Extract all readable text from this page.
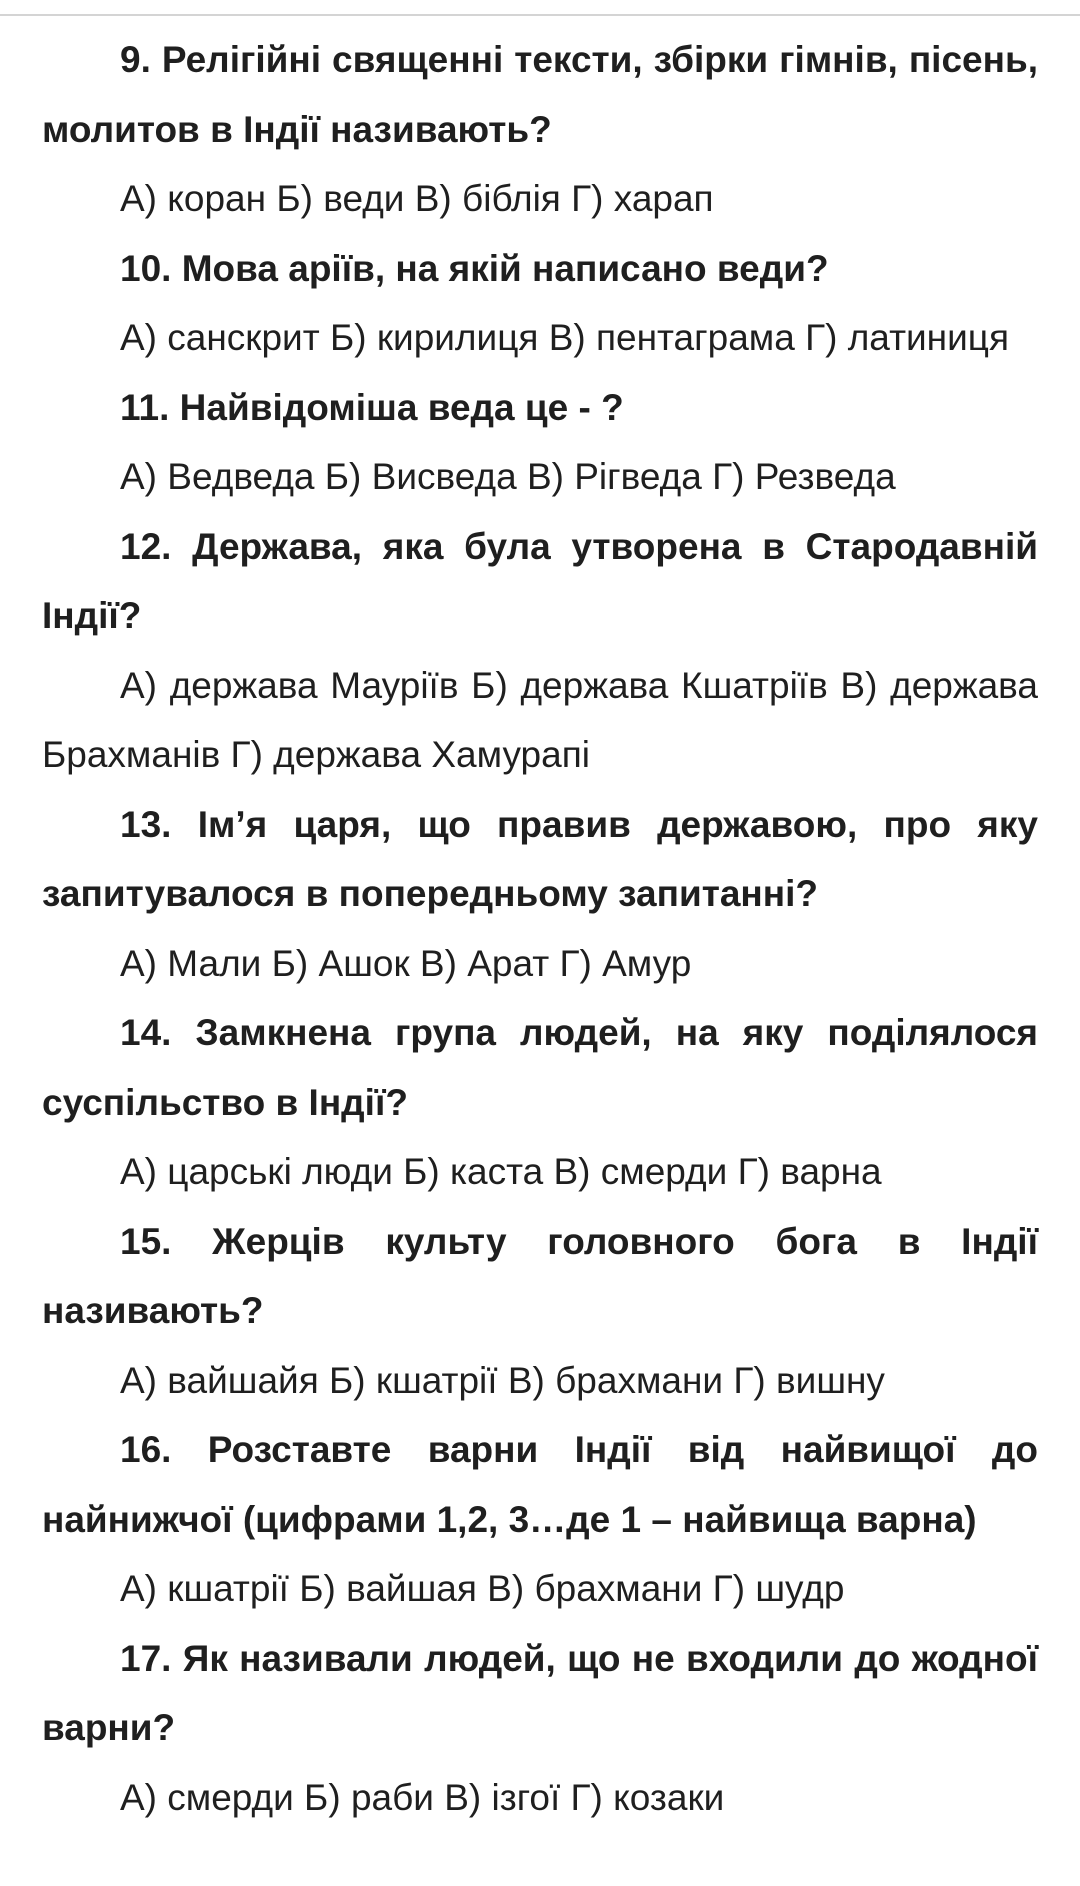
9. Релігійні священні тексти, збірки гімнів, пісень, молитов в Індії називають?

А) коран Б) веди В) біблія Г) харап

10. Мова аріїв, на якій написано веди?

А) санскрит Б) кирилиця В) пентаграма Г) латиниця

11. Найвідоміша веда це - ?

А) Ведведа Б) Висведа В) Рігведа Г) Резведа

12. Держава, яка була утворена в Стародавній Індії?

А) держава Мауріїв Б) держава Кшатріїв В) держава Брахманів Г) держава Хамурапі

13. Ім’я царя, що правив державою, про яку запитувалося в попередньому запитанні?

А) Мали Б) Ашок В) Арат Г) Амур

14. Замкнена група людей, на яку поділялося суспільство в Індії?

А) царські люди Б) каста В) смерди Г) варна

15. Жерців культу головного бога в Індії називають?

А) вайшайя Б) кшатрії В) брахмани Г) вишну

16. Розставте варни Індії від найвищої до найнижчої (цифрами 1,2, 3…де 1 – найвища варна)

А) кшатрії Б) вайшая В) брахмани Г) шудр

17. Як називали людей, що не входили до жодної варни?

А) смерди Б) раби В) ізгої Г) козаки
